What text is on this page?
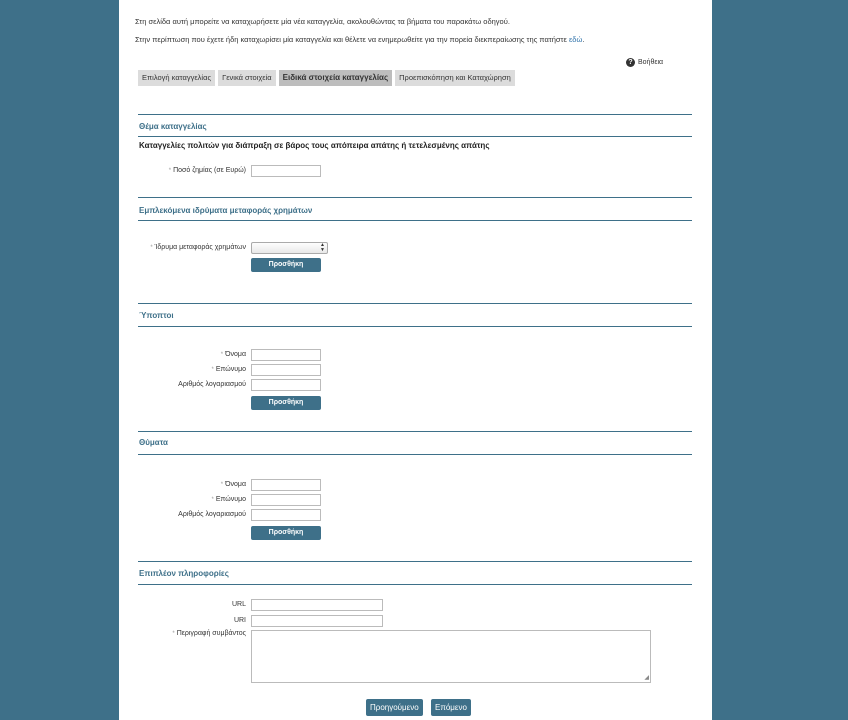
Στη σελίδα αυτή μπορείτε να καταχωρήσετε μία νέα καταγγελία, ακολουθώντας τα βήματα του παρακάτω οδηγού.
Στην περίπτωση που έχετε ήδη καταχωρίσει μία καταγγελία και θέλετε να ενημερωθείτε για την πορεία διεκπεραίωσης της πατήστε εδώ.
? Βοήθεια
Επιλογή καταγγελίας	Γενικά στοιχεία	Ειδικά στοιχεία καταγγελίας	Προεπισκόπηση και Καταχώρηση
Θέμα καταγγελίας
Καταγγελίες πολιτών για διάπραξη σε βάρος τους απόπειρα απάτης ή τετελεσμένης απάτης
* Ποσό ζημίας (σε Ευρώ)
Εμπλεκόμενα ιδρύματα μεταφοράς χρημάτων
* Ίδρυμα μεταφοράς χρημάτων	▲
▼
Προσθήκη
Ύποπτοι
* Όνομα
* Επώνυμο
Αριθμός λογαριασμού
Προσθήκη
Θύματα
* Όνομα
* Επώνυμο
Αριθμός λογαριασμού
Προσθήκη
Επιπλέον πληροφορίες
URL
URI
* Περιγραφή συμβάντος
◢
Προηγούμενο	Επόμενο
